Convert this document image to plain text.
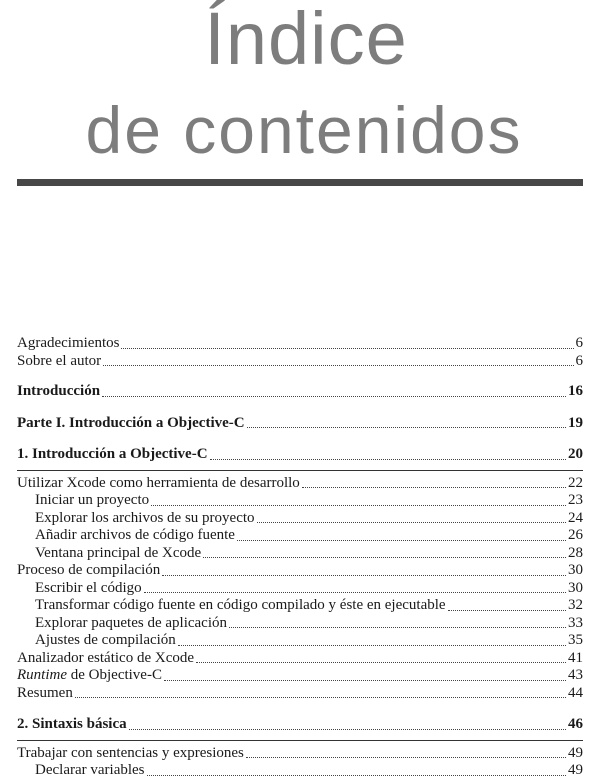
Índice
de contenidos
Agradecimientos	6
Sobre el autor	6
Introducción	16
Parte I. Introducción a Objective-C	19
1. Introducción a Objective-C	20
Utilizar Xcode como herramienta de desarrollo	22
Iniciar un proyecto	23
Explorar los archivos de su proyecto	24
Añadir archivos de código fuente	26
Ventana principal de Xcode	28
Proceso de compilación	30
Escribir el código	30
Transformar código fuente en código compilado y éste en ejecutable	32
Explorar paquetes de aplicación	33
Ajustes de compilación	35
Analizador estático de Xcode	41
Runtime de Objective-C	43
Resumen	44
2. Sintaxis básica	46
Trabajar con sentencias y expresiones	49
Declarar variables	49
